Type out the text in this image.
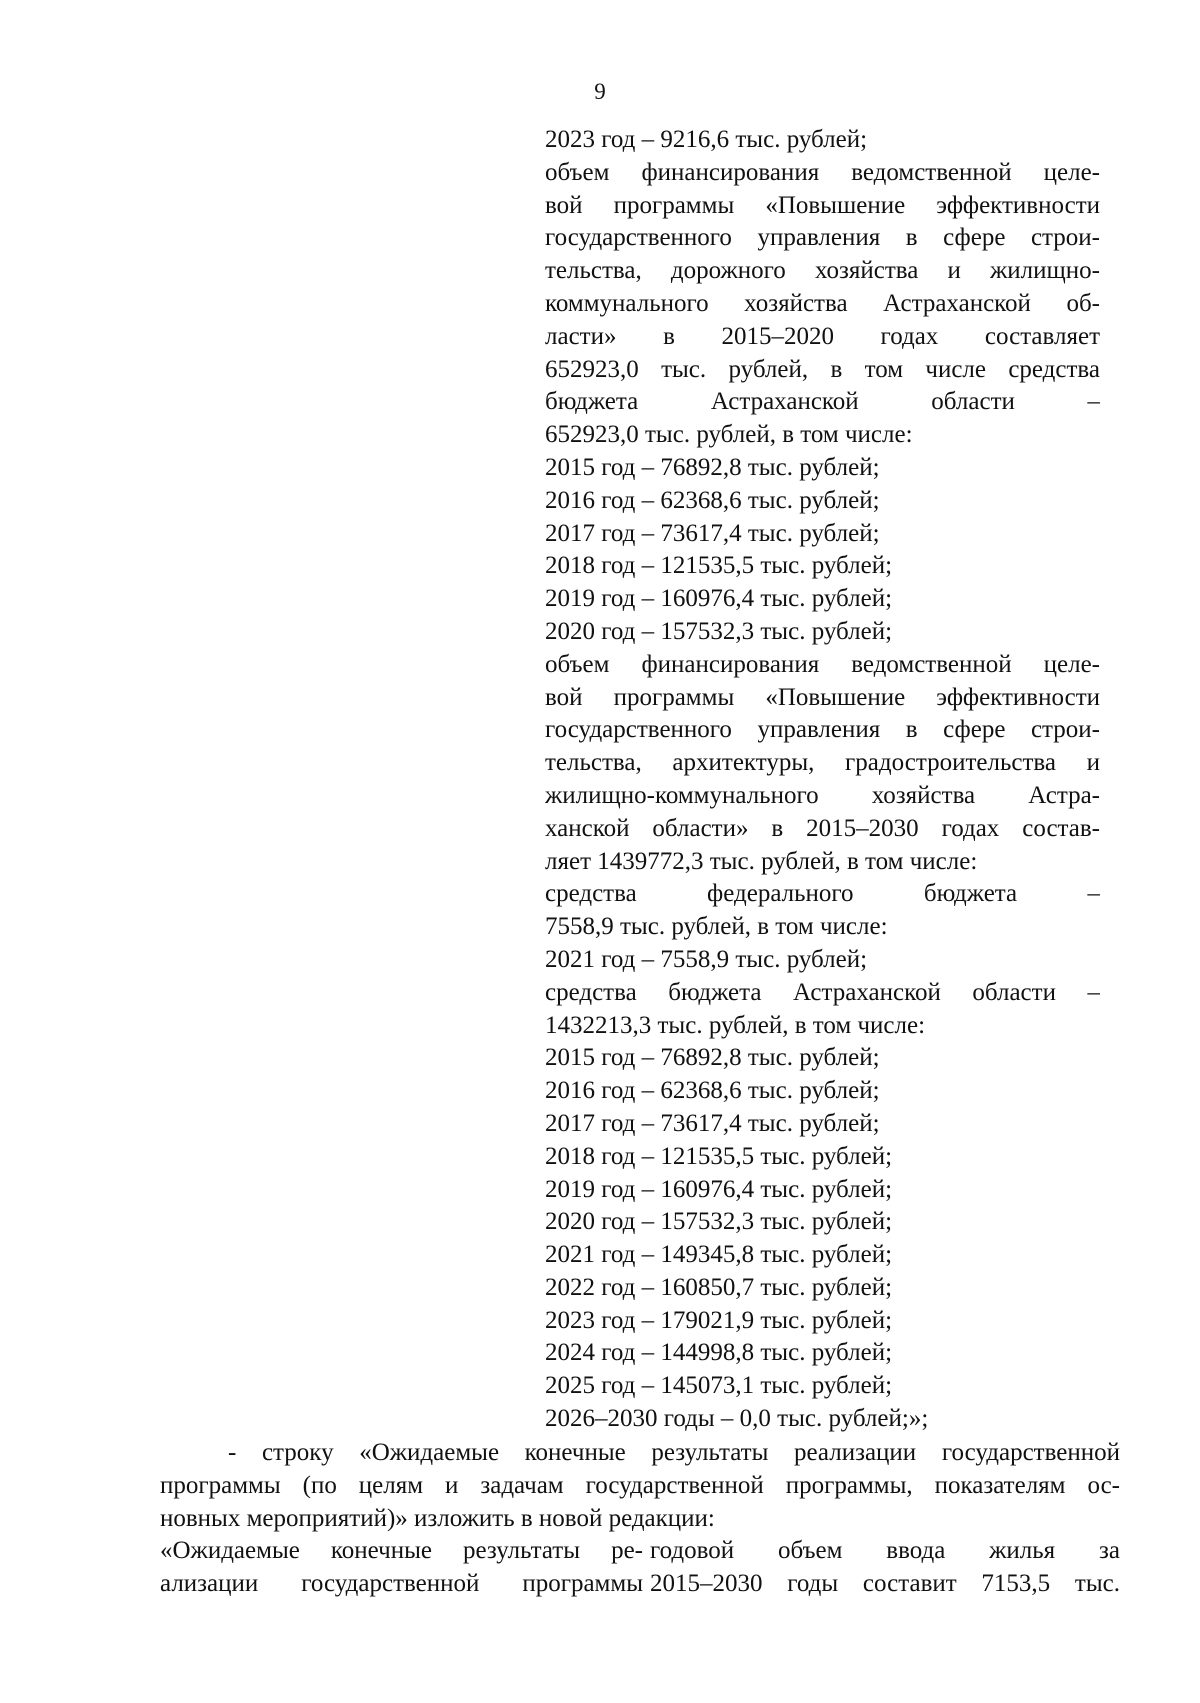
9
2023 год – 9216,6 тыс. рублей;
объем финансирования ведомственной целе-
вой программы «Повышение эффективности
государственного управления в сфере строи-
тельства, дорожного хозяйства и жилищно-
коммунального хозяйства Астраханской об-
ласти» в 2015–2020 годах составляет
652923,0 тыс. рублей, в том числе средства
бюджета Астраханской области –
652923,0 тыс. рублей, в том числе:
2015 год – 76892,8 тыс. рублей;
2016 год – 62368,6 тыс. рублей;
2017 год – 73617,4 тыс. рублей;
2018 год – 121535,5 тыс. рублей;
2019 год – 160976,4 тыс. рублей;
2020 год – 157532,3 тыс. рублей;
объем финансирования ведомственной целе-
вой программы «Повышение эффективности
государственного управления в сфере строи-
тельства, архитектуры, градостроительства и
жилищно-коммунального хозяйства Астра-
ханской области» в 2015–2030 годах состав-
ляет 1439772,3 тыс. рублей, в том числе:
средства федерального бюджета –
7558,9 тыс. рублей, в том числе:
2021 год – 7558,9 тыс. рублей;
средства бюджета Астраханской области –
1432213,3 тыс. рублей, в том числе:
2015 год – 76892,8 тыс. рублей;
2016 год – 62368,6 тыс. рублей;
2017 год – 73617,4 тыс. рублей;
2018 год – 121535,5 тыс. рублей;
2019 год – 160976,4 тыс. рублей;
2020 год – 157532,3 тыс. рублей;
2021 год – 149345,8 тыс. рублей;
2022 год – 160850,7 тыс. рублей;
2023 год – 179021,9 тыс. рублей;
2024 год – 144998,8 тыс. рублей;
2025 год – 145073,1 тыс. рублей;
2026–2030 годы – 0,0 тыс. рублей;»;
- строку «Ожидаемые конечные результаты реализации государственной
программы (по целям и задачам государственной программы, показателям ос-
новных мероприятий)» изложить в новой редакции:
«Ожидаемые конечные результаты ре-
ализации государственной программы
годовой объем ввода жилья за
2015–2030 годы составит 7153,5 тыс.
